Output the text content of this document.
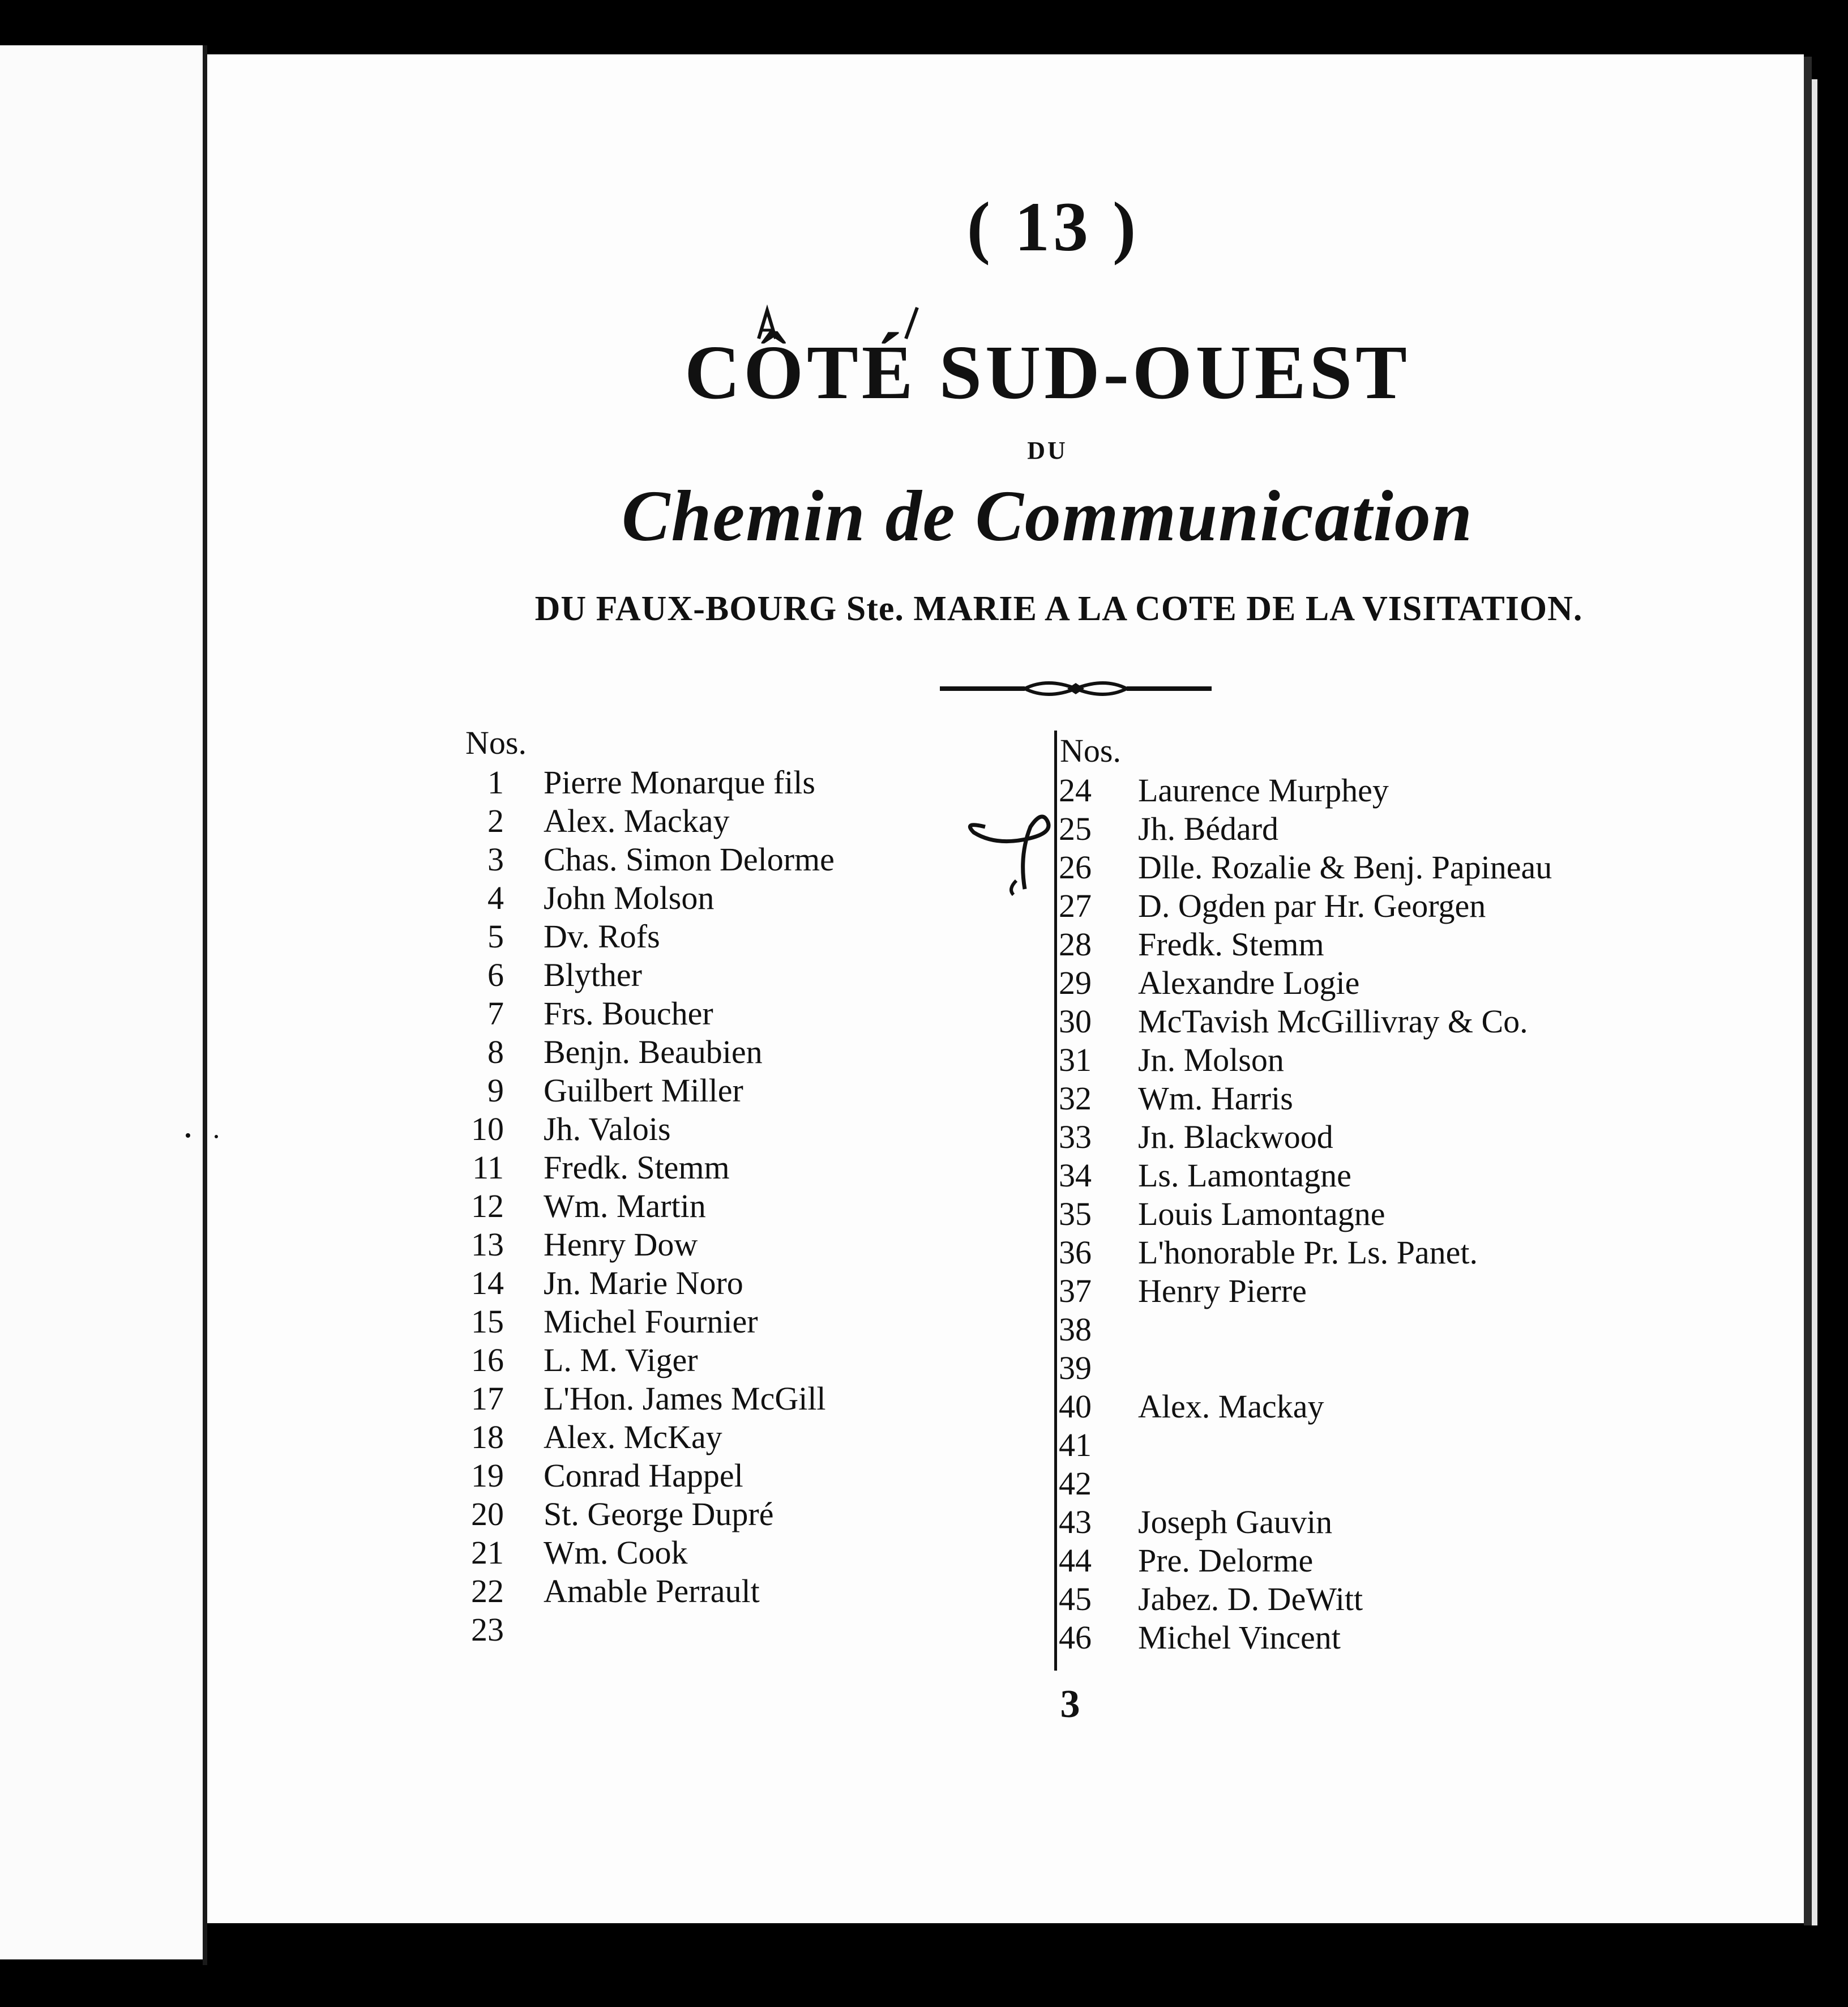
( 13 )
CÔTÉ SUD-OUEST
DU
Chemin de Communication
DU FAUX-BOURG Ste. MARIE A LA COTE DE LA VISITATION.
Nos.	Nos.
1 Pierre Monarque fils
2 Alex. Mackay
3 Chas. Simon Delorme
4 John Molson
5 Dv. Rofs
6 Blyther
7 Frs. Boucher
8 Benjn. Beaubien
9 Guilbert Miller
10 Jh. Valois
11 Fredk. Stemm
12 Wm. Martin
13 Henry Dow
14 Jn. Marie Noro
15 Michel Fournier
16 L. M. Viger
17 L'Hon. James McGill
18 Alex. McKay
19 Conrad Happel
20 St. George Dupré
21 Wm. Cook
22 Amable Perrault
23
24	Laurence Murphey
25	Jh. Bédard
26	Dlle. Rozalie & Benj. Papineau
27	D. Ogden par Hr. Georgen
28	Fredk. Stemm
29	Alexandre Logie
30	McTavish McGillivray & Co.
31	Jn. Molson
32	Wm. Harris
33	Jn. Blackwood
34	Ls. Lamontagne
35	Louis Lamontagne
36	L'honorable Pr. Ls. Panet.
37	Henry Pierre
38
39
40	Alex. Mackay
41
42
43	Joseph Gauvin
44	Pre. Delorme
45	Jabez. D. DeWitt
46	Michel Vincent
3
